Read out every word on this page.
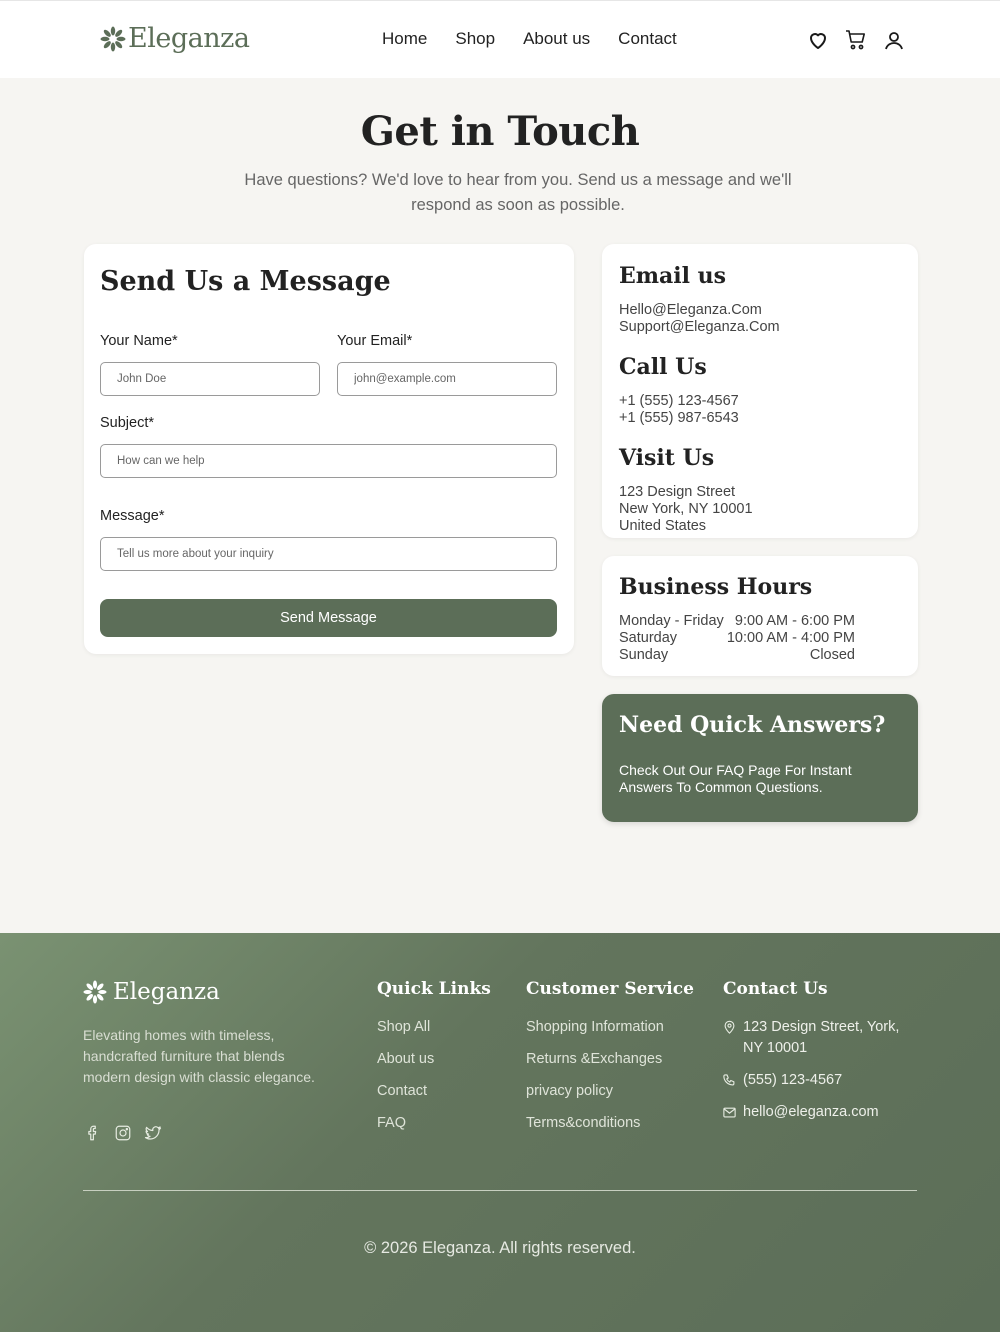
Eleganza	Home Shop About us Contact
Get in Touch

Have questions? We'd love to hear from you. Send us a message and we'll respond as soon as possible.

Send Us a Message
Your Name*
John Doe	Your Email*
john@example.com
Subject*
How can we help
Message*
Tell us more about your inquiry
Send Message
Email us
Hello@Eleganza.Com
Support@Eleganza.Com
Call Us
+1 (555) 123-4567
+1 (555) 987-6543
Visit Us
123 Design Street
New York, NY 10001
United States
Business Hours
Monday - Friday 9:00 AM - 6:00 PM
Saturday	10:00 AM - 4:00 PM
Sunday	Closed
Need Quick Answers?

Check Out Our FAQ Page For Instant Answers To Common Questions.

Eleganza

Elevating homes with timeless, handcrafted furniture that blends modern design with classic elegance.

Quick Links
Shop All
About us
Contact
FAQ
Customer Service
Shopping Information
Returns &Exchanges
privacy policy
Terms&conditions
Contact Us
123 Design Street, York, NY 10001
(555) 123-4567
hello@eleganza.com

© 2026 Eleganza. All rights reserved.
